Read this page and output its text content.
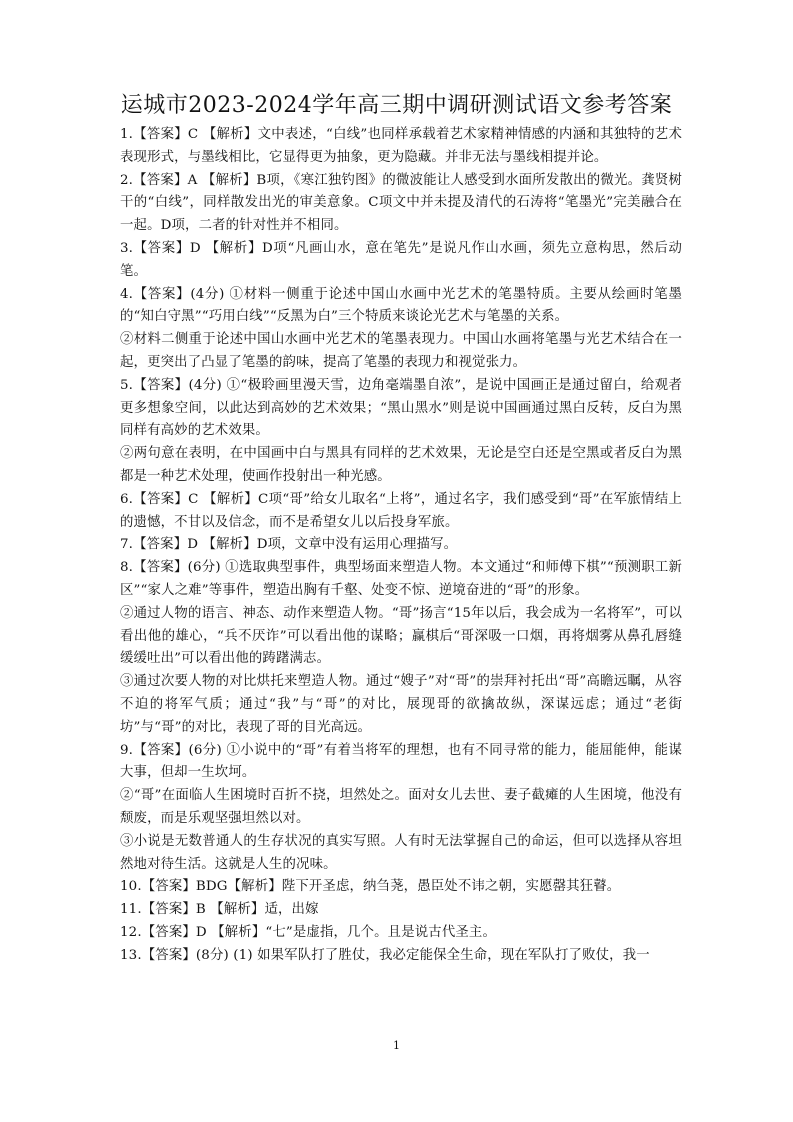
运城市2023-2024学年高三期中调研测试语文参考答案

1.【答案】C 【解析】文中表述，“白线”也同样承载着艺术家精神情感的内涵和其独特的艺术表现形式，与墨线相比，它显得更为抽象，更为隐藏。并非无法与墨线相提并论。

2.【答案】A 【解析】B项，《寒江独钓图》的微波能让人感受到水面所发散出的微光。龚贤树干的“白线”，同样散发出光的审美意象。C项文中并未提及清代的石涛将“笔墨光”完美融合在一起。D项，二者的针对性并不相同。

3.【答案】D 【解析】D项“凡画山水，意在笔先”是说凡作山水画，须先立意构思，然后动笔。

4.【答案】(4分) ①材料一侧重于论述中国山水画中光艺术的笔墨特质。主要从绘画时笔墨的“知白守黑”“巧用白线”“反黑为白”三个特质来谈论光艺术与笔墨的关系。

②材料二侧重于论述中国山水画中光艺术的笔墨表现力。中国山水画将笔墨与光艺术结合在一起，更突出了凸显了笔墨的韵味，提高了笔墨的表现力和视觉张力。

5.【答案】(4分) ①“极聆画里漫天雪，边角毫端墨自浓”，是说中国画正是通过留白，给观者更多想象空间，以此达到高妙的艺术效果；“黑山黑水”则是说中国画通过黑白反转，反白为黑同样有高妙的艺术效果。

②两句意在表明，在中国画中白与黑具有同样的艺术效果，无论是空白还是空黑或者反白为黑都是一种艺术处理，使画作投射出一种光感。

6.【答案】C 【解析】C项“哥”给女儿取名“上将”，通过名字，我们感受到“哥”在军旅情结上的遗憾，不甘以及信念，而不是希望女儿以后投身军旅。

7.【答案】D 【解析】D项，文章中没有运用心理描写。

8.【答案】(6分) ①选取典型事件，典型场面来塑造人物。本文通过“和师傅下棋”“预测职工新区”“家人之难”等事件，塑造出胸有千壑、处变不惊、逆境奋进的“哥”的形象。

②通过人物的语言、神态、动作来塑造人物。“哥”扬言“15年以后，我会成为一名将军”，可以看出他的雄心，“兵不厌诈”可以看出他的谋略；赢棋后“哥深吸一口烟，再将烟雾从鼻孔唇缝缓缓吐出”可以看出他的踌躇满志。

③通过次要人物的对比烘托来塑造人物。通过“嫂子”对“哥”的崇拜衬托出“哥”高瞻远瞩，从容不迫的将军气质；通过“我”与“哥”的对比，展现哥的欲擒故纵，深谋远虑；通过“老街坊”与“哥”的对比，表现了哥的目光高远。

9.【答案】(6分) ①小说中的“哥”有着当将军的理想，也有不同寻常的能力，能屈能伸，能谋大事，但却一生坎坷。

②“哥”在面临人生困境时百折不挠，坦然处之。面对女儿去世、妻子截瘫的人生困境，他没有颓废，而是乐观坚强坦然以对。

③小说是无数普通人的生存状况的真实写照。人有时无法掌握自己的命运，但可以选择从容坦然地对待生活。这就是人生的况味。

10.【答案】BDG【解析】陛下开圣虑，纳刍荛，愚臣处不讳之朝，实愿罄其狂瞽。

11.【答案】B 【解析】适，出嫁

12.【答案】D 【解析】“七”是虚指，几个。且是说古代圣主。

13.【答案】(8分) (1) 如果军队打了胜仗，我必定能保全生命，现在军队打了败仗，我一

1
